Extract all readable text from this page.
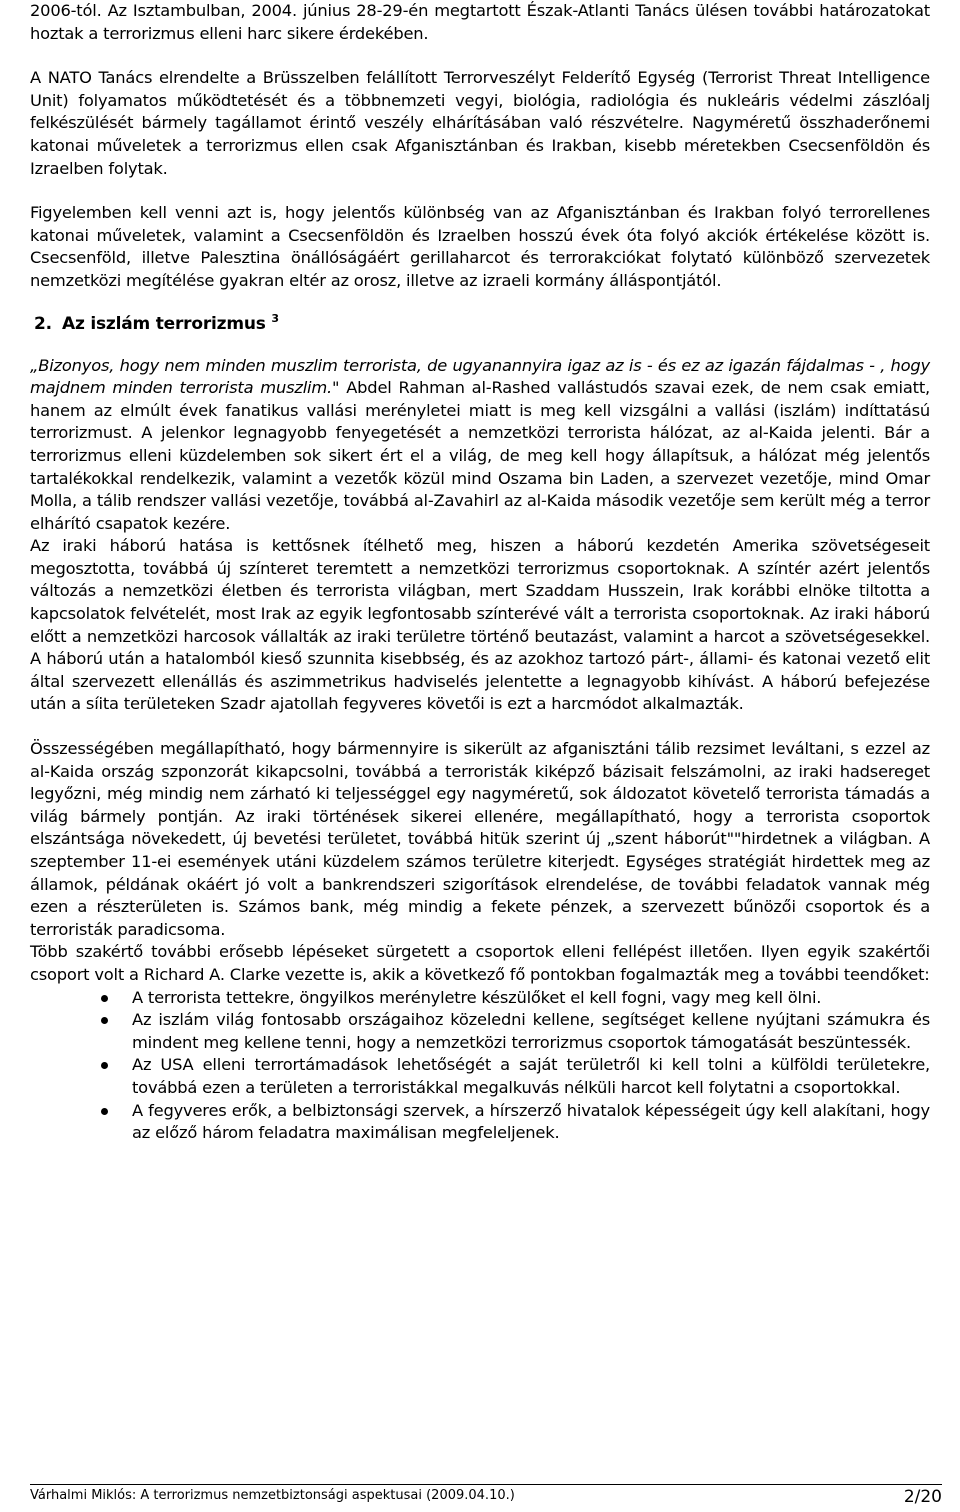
2006-tól. Az Isztambulban, 2004. június 28-29-én megtartott Észak-Atlanti Tanács ülésen további határozatokat hoztak a terrorizmus elleni harc sikere érdekében.

A NATO Tanács elrendelte a Brüsszelben felállított Terrorveszélyt Felderítő Egység (Terrorist Threat Intelligence Unit) folyamatos működtetését és a többnemzeti vegyi, biológia, radiológia és nukleáris védelmi zászlóalj felkészülését bármely tagállamot érintő veszély elhárításában való részvételre. Nagyméretű összhaderőnemi katonai műveletek a terrorizmus ellen csak Afganisztánban és Irakban, kisebb méretekben Csecsenföldön és Izraelben folytak.

Figyelemben kell venni azt is, hogy jelentős különbség van az Afganisztánban és Irakban folyó terrorellenes katonai műveletek, valamint a Csecsenföldön és Izraelben hosszú évek óta folyó akciók értékelése között is. Csecsenföld, illetve Palesztina önállóságáért gerillaharcot és terrorakciókat folytató különböző szervezetek nemzetközi megítélése gyakran eltér az orosz, illetve az izraeli kormány álláspontjától.

2. Az iszlám terrorizmus $^3$

„Bizonyos, hogy nem minden muszlim terrorista, de ugyanannyira igaz az is - és ez az igazán fájdalmas - , hogy majdnem minden terrorista muszlim." Abdel Rahman al-Rashed vallástudós szavai ezek, de nem csak emiatt, hanem az elmúlt évek fanatikus vallási merényletei miatt is meg kell vizsgálni a vallási (iszlám) indíttatású terrorizmust. A jelenkor legnagyobb fenyegetését a nemzetközi terrorista hálózat, az al-Kaida jelenti. Bár a terrorizmus elleni küzdelemben sok sikert ért el a világ, de meg kell hogy állapítsuk, a hálózat még jelentős tartalékokkal rendelkezik, valamint a vezetők közül mind Oszama bin Laden, a szervezet vezetője, mind Omar Molla, a tálib rendszer vallási vezetője, továbbá al-Zavahirl az al-Kaida második vezetője sem került még a terror elhárító csapatok kezére.

Az iraki háború hatása is kettősnek ítélhető meg, hiszen a háború kezdetén Amerika szövetségeseit megosztotta, továbbá új színteret teremtett a nemzetközi terrorizmus csoportoknak. A színtér azért jelentős változás a nemzetközi életben és terrorista világban, mert Szaddam Husszein, Irak korábbi elnöke tiltotta a kapcsolatok felvételét, most Irak az egyik legfontosabb színterévé vált a terrorista csoportoknak. Az iraki háború előtt a nemzetközi harcosok vállalták az iraki területre történő beutazást, valamint a harcot a szövetségesekkel. A háború után a hatalomból kieső szunnita kisebbség, és az azokhoz tartozó párt-, állami- és katonai vezető elit által szervezett ellenállás és aszimmetrikus hadviselés jelentette a legnagyobb kihívást. A háború befejezése után a síita területeken Szadr ajatollah fegyveres követői is ezt a harcmódot alkalmazták.

Összességében megállapítható, hogy bármennyire is sikerült az afganisztáni tálib rezsimet leváltani, s ezzel az al-Kaida ország szponzorát kikapcsolni, továbbá a terroristák kiképző bázisait felszámolni, az iraki hadsereget legyőzni, még mindig nem zárható ki teljességgel egy nagyméretű, sok áldozatot követelő terrorista támadás a világ bármely pontján. Az iraki történések sikerei ellenére, megállapítható, hogy a terrorista csoportok elszántsága növekedett, új bevetési területet, továbbá hitük szerint új „szent háborút""hirdetnek a világban. A szeptember 11-ei események utáni küzdelem számos területre kiterjedt. Egységes stratégiát hirdettek meg az államok, példának okáért jó volt a bankrendszeri szigorítások elrendelése, de további feladatok vannak még ezen a részterületen is. Számos bank, még mindig a fekete pénzek, a szervezett bűnözői csoportok és a terroristák paradicsoma.

Több szakértő további erősebb lépéseket sürgetett a csoportok elleni fellépést illetően. Ilyen egyik szakértői csoport volt a Richard A. Clarke vezette is, akik a következő fő pontokban fogalmazták meg a további teendőket:

A terrorista tettekre, öngyilkos merényletre készülőket el kell fogni, vagy meg kell ölni.
Az iszlám világ fontosabb országaihoz közeledni kellene, segítséget kellene nyújtani számukra és mindent meg kellene tenni, hogy a nemzetközi terrorizmus csoportok támogatását beszüntessék.
Az USA elleni terrortámadások lehetőségét a saját területről ki kell tolni a külföldi területekre, továbbá ezen a területen a terroristákkal megalkuvás nélküli harcot kell folytatni a csoportokkal.
A fegyveres erők, a belbiztonsági szervek, a hírszerző hivatalok képességeit úgy kell alakítani, hogy az előző három feladatra maximálisan megfeleljenek.
Várhalmi Miklós: A terrorizmus nemzetbiztonsági aspektusai (2009.04.10.)	2/20
